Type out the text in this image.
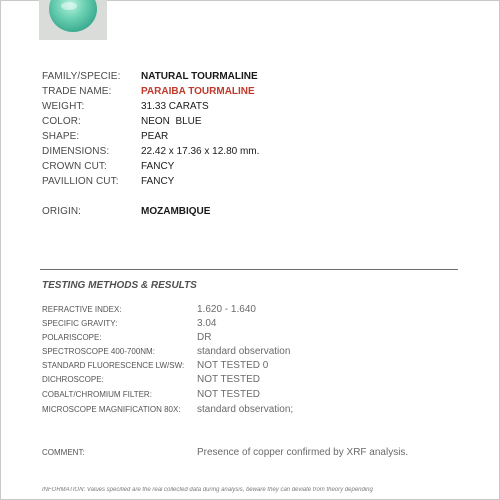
FAMILY/SPECIE: NATURAL TOURMALINE
TRADE NAME:	PARAIBA TOURMALINE
WEIGHT:	31.33 CARATS
COLOR:	NEON  BLUE
SHAPE:	PEAR
DIMENSIONS:	22.42 x 17.36 x 12.80 mm.
CROWN CUT:	FANCY
PAVILLION CUT: FANCY
ORIGIN:	MOZAMBIQUE
TESTING METHODS & RESULTS
REFRACTIVE INDEX:	1.620 - 1.640
SPECIFIC GRAVITY:	3.04
POLARISCOPE:	DR
SPECTROSCOPE 400-700NM:	standard observation
STANDARD FLUORESCENCE LW/SW: NOT TESTED 0
DICHROSCOPE:	NOT TESTED
COBALT/CHROMIUM FILTER:	NOT TESTED
MICROSCOPE MAGNIFICATION 80X: standard observation;
COMMENT:	Presence of copper confirmed by XRF analysis.
INFORMATION: Values specified are the real collected data during analysis, beware they can deviate from theory depending
